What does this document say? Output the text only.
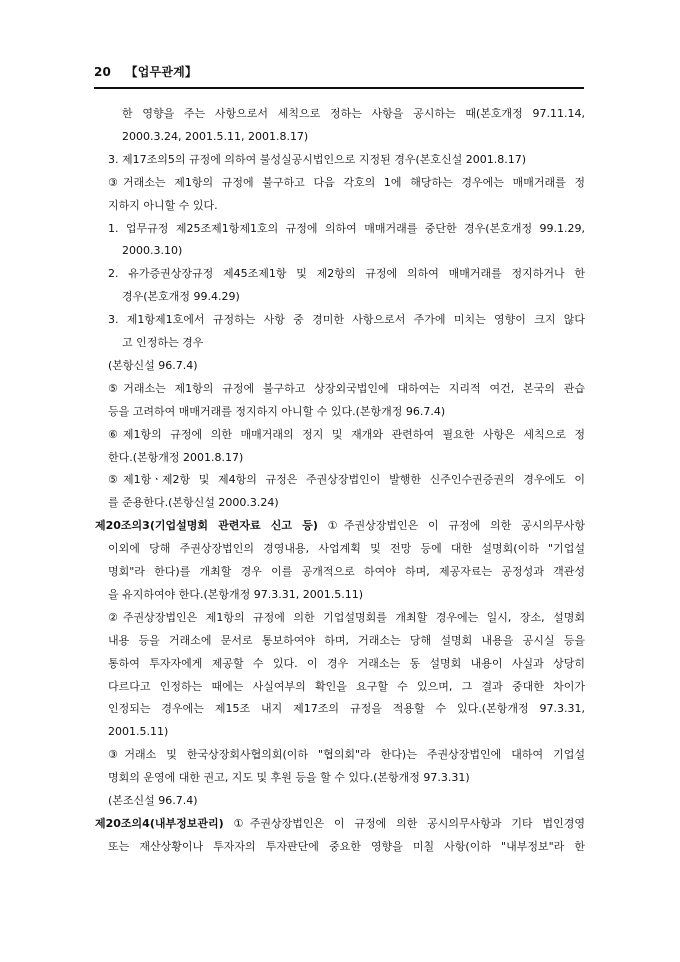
20 【업무관계】
한 영향을 주는 사항으로서 세칙으로 정하는 사항을 공시하는 때(본호개정 97.11.14,
2000.3.24, 2001.5.11, 2001.8.17)
3. 제17조의5의 규정에 의하여 불성실공시법인으로 지정된 경우(본호신설 2001.8.17)
③거래소는 제1항의 규정에 불구하고 다음 각호의 1에 해당하는 경우에는 매매거래를 정
지하지 아니할 수 있다.
1. 업무규정 제25조제1항제1호의 규정에 의하여 매매거래를 중단한 경우(본호개정 99.1.29,
2000.3.10)
2. 유가증권상장규정 제45조제1항 및 제2항의 규정에 의하여 매매거래를 정지하거나 한
경우(본호개정 99.4.29)
3. 제1항제1호에서 규정하는 사항 중 경미한 사항으로서 주가에 미치는 영향이 크지 않다
고 인정하는 경우
(본항신설 96.7.4)
⑤거래소는 제1항의 규정에 불구하고 상장외국법인에 대하여는 지리적 여건, 본국의 관습
등을 고려하여 매매거래를 정지하지 아니할 수 있다.(본항개정 96.7.4)
⑥제1항의 규정에 의한 매매거래의 정지 및 재개와 관련하여 필요한 사항은 세칙으로 정
한다.(본항개정 2001.8.17)
⑤제1항ㆍ제2항 및 제4항의 규정은 주권상장법인이 발행한 신주인수권증권의 경우에도 이
를 준용한다.(본항신설 2000.3.24)
제20조의3(기업설명회 관련자료 신고 등) ①주권상장법인은 이 규정에 의한 공시의무사항
이외에 당해 주권상장법인의 경영내용, 사업계획 및 전망 등에 대한 설명회(이하 "기업설
명회"라 한다)를 개최할 경우 이를 공개적으로 하여야 하며, 제공자료는 공정성과 객관성
을 유지하여야 한다.(본항개정 97.3.31, 2001.5.11)
②주권상장법인은 제1항의 규정에 의한 기업설명회를 개최할 경우에는 일시, 장소, 설명회
내용 등을 거래소에 문서로 통보하여야 하며, 거래소는 당해 설명회 내용을 공시실 등을
통하여 투자자에게 제공할 수 있다. 이 경우 거래소는 동 설명회 내용이 사실과 상당히
다르다고 인정하는 때에는 사실여부의 확인을 요구할 수 있으며, 그 결과 중대한 차이가
인정되는 경우에는 제15조 내지 제17조의 규정을 적용할 수 있다.(본항개정 97.3.31,
2001.5.11)
③거래소 및 한국상장회사협의회(이하 "협의회"라 한다)는 주권상장법인에 대하여 기업설
명회의 운영에 대한 권고, 지도 및 후원 등을 할 수 있다.(본항개정 97.3.31)
(본조신설 96.7.4)
제20조의4(내부정보관리) ①주권상장법인은 이 규정에 의한 공시의무사항과 기타 법인경영
또는 재산상황이나 투자자의 투자판단에 중요한 영향을 미칠 사항(이하 "내부정보"라 한
